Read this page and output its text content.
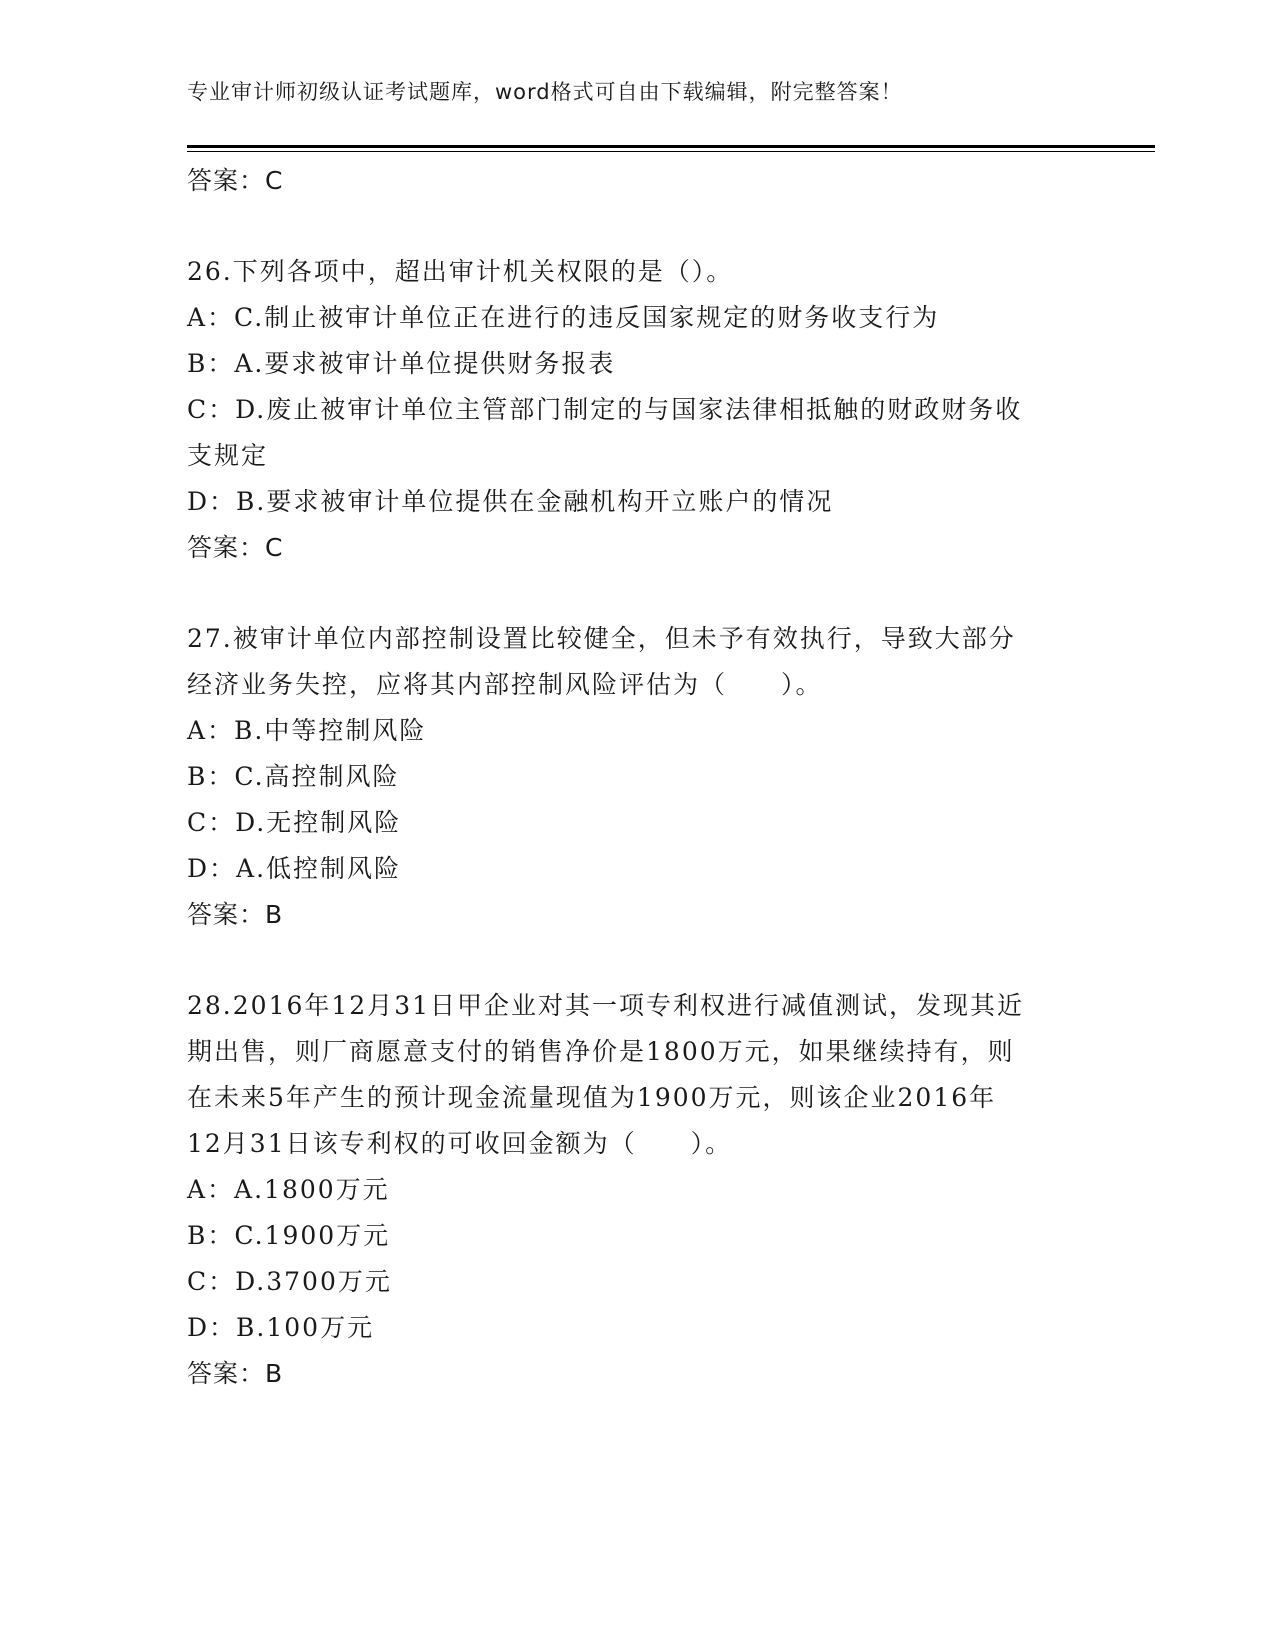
专业审计师初级认证考试题库，word格式可自由下载编辑，附完整答案！
答案：C
26.下列各项中，超出审计机关权限的是（）。
A：C.制止被审计单位正在进行的违反国家规定的财务收支行为
B：A.要求被审计单位提供财务报表
C：D.废止被审计单位主管部门制定的与国家法律相抵触的财政财务收
支规定
D：B.要求被审计单位提供在金融机构开立账户的情况
答案：C
27.被审计单位内部控制设置比较健全，但未予有效执行，导致大部分
经济业务失控，应将其内部控制风险评估为（　　）。
A：B.中等控制风险
B：C.高控制风险
C：D.无控制风险
D：A.低控制风险
答案：B
28.2016年12月31日甲企业对其一项专利权进行减值测试，发现其近
期出售，则厂商愿意支付的销售净价是1800万元，如果继续持有，则
在未来5年产生的预计现金流量现值为1900万元，则该企业2016年
12月31日该专利权的可收回金额为（　　）。
A：A.1800万元
B：C.1900万元
C：D.3700万元
D：B.100万元
答案：B
